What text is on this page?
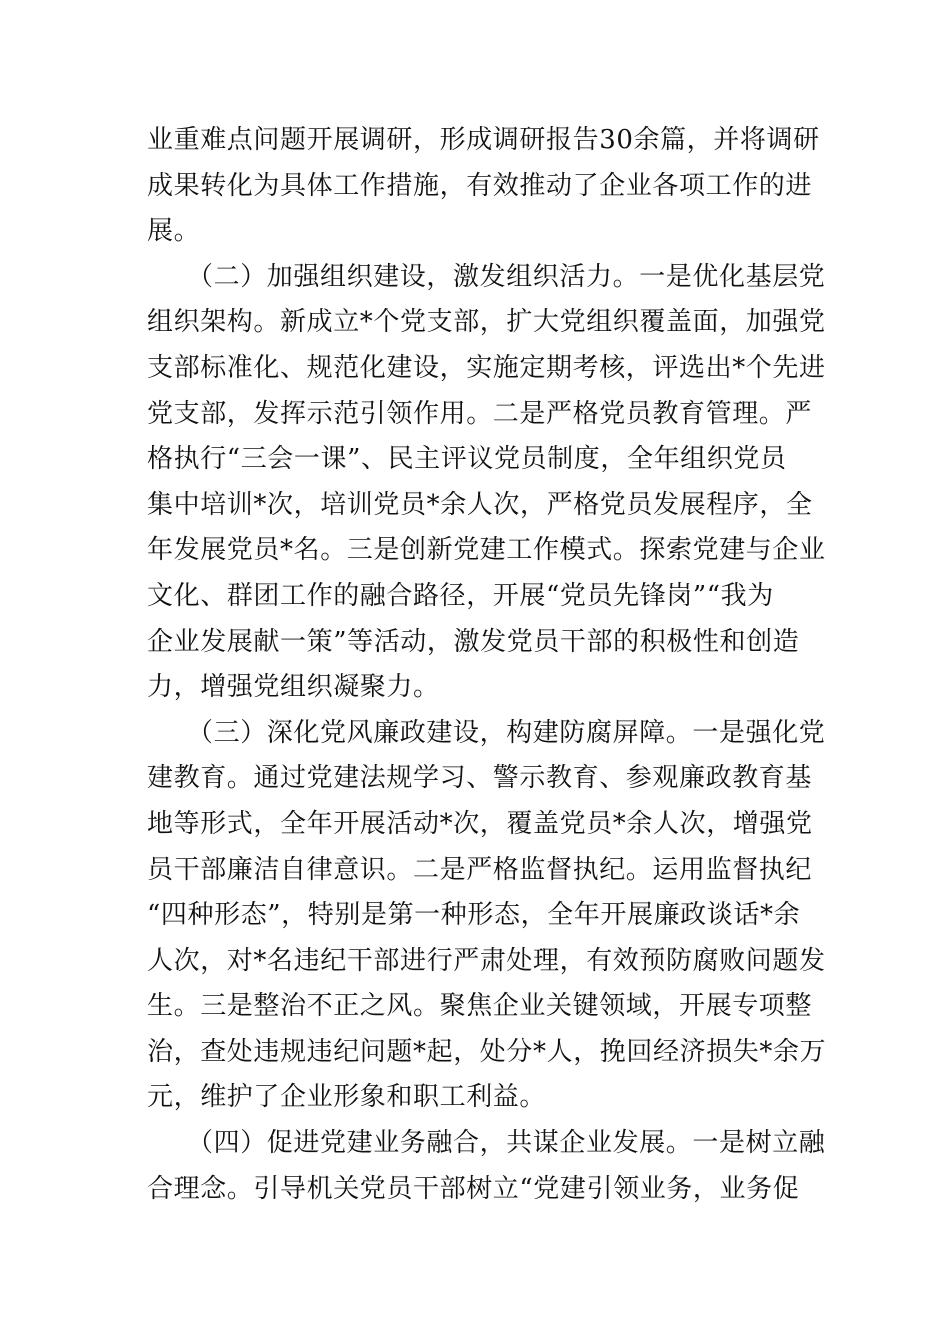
业重难点问题开展调研，形成调研报告30余篇，并将调研
成果转化为具体工作措施，有效推动了企业各项工作的进
展。
（二）加强组织建设，激发组织活力。一是优化基层党
组织架构。新成立*个党支部，扩大党组织覆盖面，加强党
支部标准化、规范化建设，实施定期考核，评选出*个先进
党支部，发挥示范引领作用。二是严格党员教育管理。严
格执行“三会一课”、民主评议党员制度，全年组织党员
集中培训*次，培训党员*余人次，严格党员发展程序，全
年发展党员*名。三是创新党建工作模式。探索党建与企业
文化、群团工作的融合路径，开展“党员先锋岗”“我为
企业发展献一策”等活动，激发党员干部的积极性和创造
力，增强党组织凝聚力。
（三）深化党风廉政建设，构建防腐屏障。一是强化党
建教育。通过党建法规学习、警示教育、参观廉政教育基
地等形式，全年开展活动*次，覆盖党员*余人次，增强党
员干部廉洁自律意识。二是严格监督执纪。运用监督执纪
“四种形态”，特别是第一种形态，全年开展廉政谈话*余
人次，对*名违纪干部进行严肃处理，有效预防腐败问题发
生。三是整治不正之风。聚焦企业关键领域，开展专项整
治，查处违规违纪问题*起，处分*人，挽回经济损失*余万
元，维护了企业形象和职工利益。
（四）促进党建业务融合，共谋企业发展。一是树立融
合理念。引导机关党员干部树立“党建引领业务，业务促
